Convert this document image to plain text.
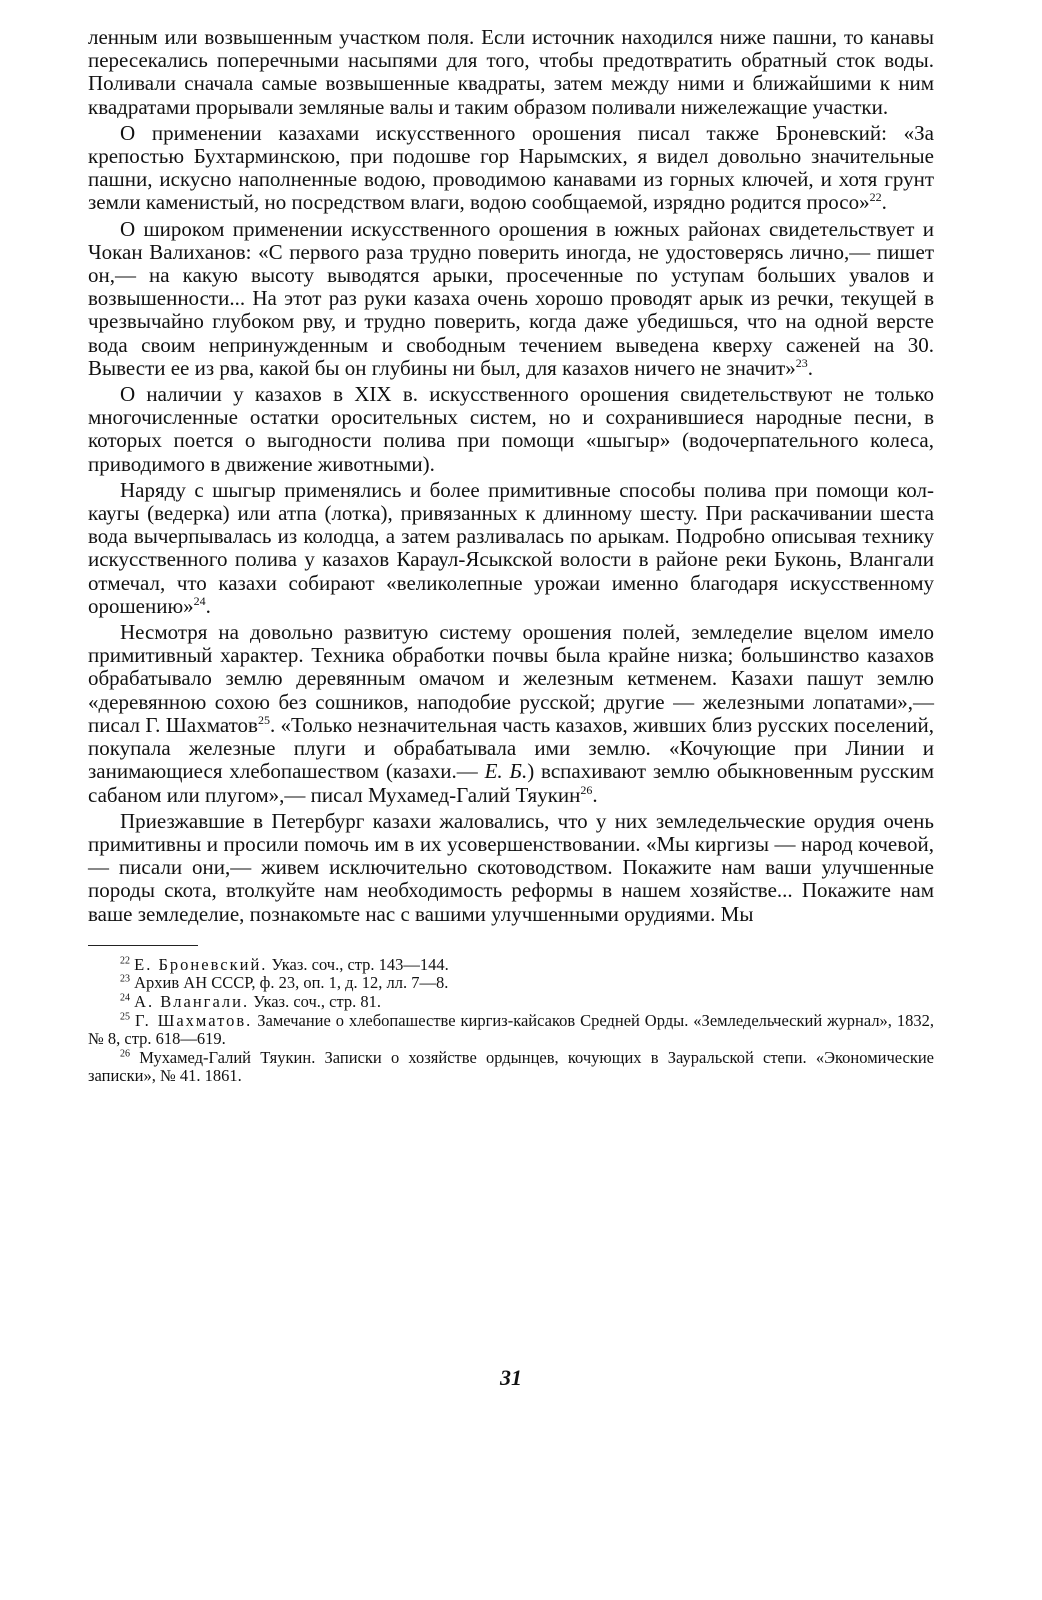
ленным или возвышенным участком поля. Если источник находился ниже пашни, то канавы пересекались поперечными насыпями для того, чтобы предотвратить обратный сток воды. Поливали сначала самые возвышенные квадраты, затем между ними и ближайшими к ним квадратами прорывали земляные валы и таким образом поливали нижележащие участки.

О применении казахами искусственного орошения писал также Броневский: «За крепостью Бухтарминскою, при подошве гор Нарымских, я видел довольно значительные пашни, искусно наполненные водою, проводимою канавами из горных ключей, и хотя грунт земли каменистый, но посредством влаги, водою сообщаемой, изрядно родится просо»$^{22}$.

О широком применении искусственного орошения в южных районах свидетельствует и Чокан Валиханов: «С первого раза трудно поверить иногда, не удостоверясь лично,— пишет он,— на какую высоту выводятся арыки, просеченные по уступам больших увалов и возвышенности... На этот раз руки казаха очень хорошо проводят арык из речки, текущей в чрезвычайно глубоком рву, и трудно поверить, когда даже убедишься, что на одной версте вода своим непринужденным и свободным течением выведена кверху саженей на 30. Вывести ее из рва, какой бы он глубины ни был, для казахов ничего не значит»$^{23}$.

О наличии у казахов в XIX в. искусственного орошения свидетельствуют не только многочисленные остатки оросительных систем, но и сохранившиеся народные песни, в которых поется о выгодности полива при помощи «шыгыр» (водочерпательного колеса, приводимого в движение животными).

Наряду с шыгыр применялись и более примитивные способы полива при помощи кол-каугы (ведерка) или атпа (лотка), привязанных к длинному шесту. При раскачивании шеста вода вычерпывалась из колодца, а затем разливалась по арыкам. Подробно описывая технику искусственного полива у казахов Караул-Ясыкской волости в районе реки Буконь, Влангали отмечал, что казахи собирают «великолепные урожаи именно благодаря искусственному орошению»$^{24}$.

Несмотря на довольно развитую систему орошения полей, земледелие вцелом имело примитивный характер. Техника обработки почвы была крайне низка; большинство казахов обрабатывало землю деревянным омачом и железным кетменем. Казахи пашут землю «деревянною сохою без сошников, наподобие русской; другие — железными лопатами»,— писал Г. Шахматов$^{25}$. «Только незначительная часть казахов, живших близ русских поселений, покупала железные плуги и обрабатывала ими землю. «Кочующие при Линии и занимающиеся хлебопашеством (казахи.— Е. Б.) вспахивают землю обыкновенным русским сабаном или плугом»,— писал Мухамед-Галий Тяукин$^{26}$.

Приезжавшие в Петербург казахи жаловались, что у них земледельческие орудия очень примитивны и просили помочь им в их усовершенствовании. «Мы киргизы — народ кочевой,— писали они,— живем исключительно скотоводством. Покажите нам ваши улучшенные породы скота, втолкуйте нам необходимость реформы в нашем хозяйстве... Покажите нам ваше земледелие, познакомьте нас с вашими улучшенными орудиями. Мы

$^{22}$ Е. Броневский. Указ. соч., стр. 143—144.

$^{23}$ Архив АН СССР, ф. 23, оп. 1, д. 12, лл. 7—8.

$^{24}$ А. Влангали. Указ. соч., стр. 81.

$^{25}$ Г. Шахматов. Замечание о хлебопашестве киргиз-кайсаков Средней Орды. «Земледельческий журнал», 1832, № 8, стр. 618—619.

$^{26}$ Мухамед-Галий Тяукин. Записки о хозяйстве ордынцев, кочующих в Зауральской степи. «Экономические записки», № 41. 1861.

31
